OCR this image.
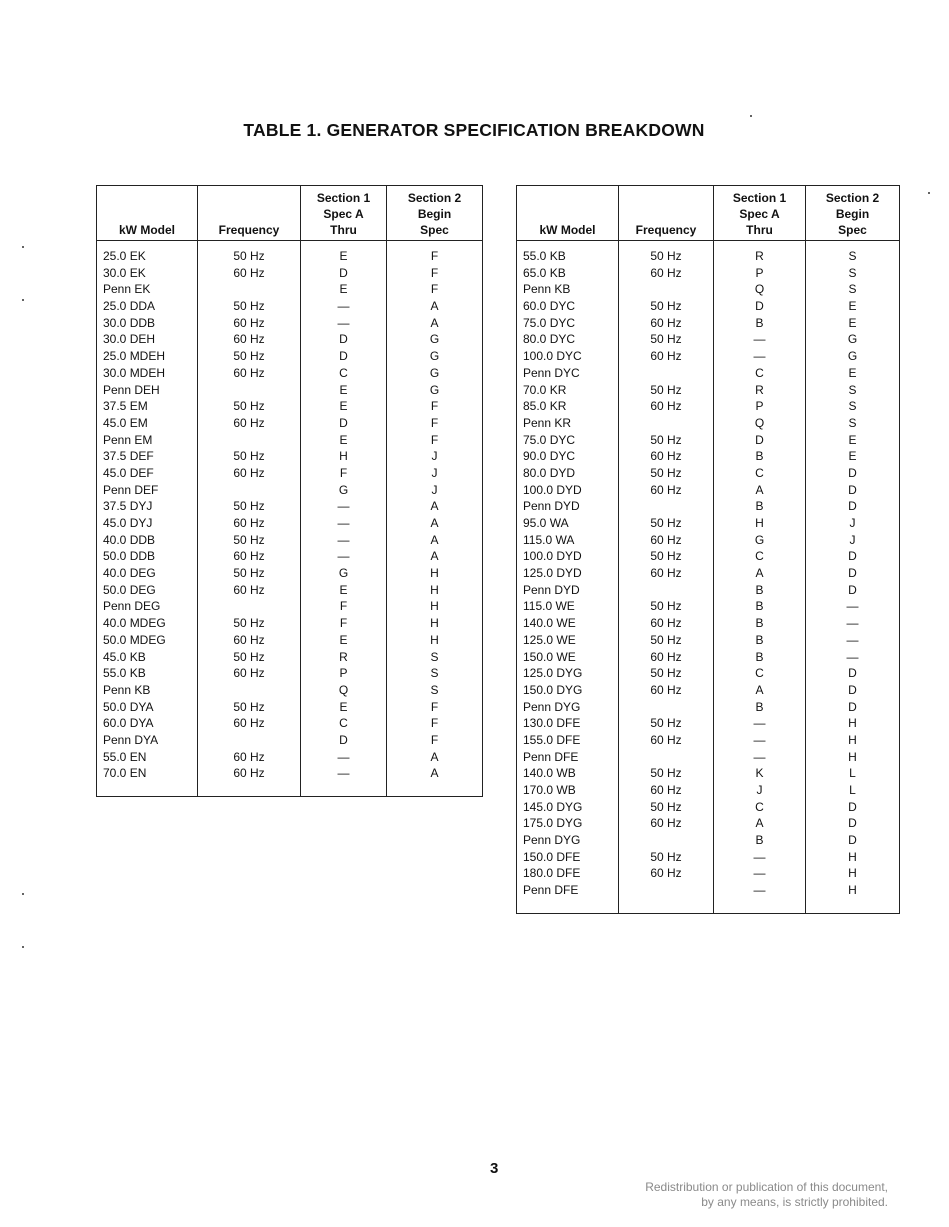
TABLE 1. GENERATOR SPECIFICATION BREAKDOWN
kW Model	Frequency	Section 1
Spec A
Thru	Section 2
Begin
Spec

25.0 EK	50 Hz	E	F
30.0 EK	60 Hz	D	F
Penn EK		E	F
25.0 DDA	50 Hz	—	A
30.0 DDB	60 Hz	—	A
30.0 DEH	60 Hz	D	G
25.0 MDEH	50 Hz	D	G
30.0 MDEH	60 Hz	C	G
Penn DEH		E	G
37.5 EM	50 Hz	E	F
45.0 EM	60 Hz	D	F
Penn EM		E	F
37.5 DEF	50 Hz	H	J
45.0 DEF	60 Hz	F	J
Penn DEF		G	J
37.5 DYJ	50 Hz	—	A
45.0 DYJ	60 Hz	—	A
40.0 DDB	50 Hz	—	A
50.0 DDB	60 Hz	—	A
40.0 DEG	50 Hz	G	H
50.0 DEG	60 Hz	E	H
Penn DEG		F	H
40.0 MDEG	50 Hz	F	H
50.0 MDEG	60 Hz	E	H
45.0 KB	50 Hz	R	S
55.0 KB	60 Hz	P	S
Penn KB		Q	S
50.0 DYA	50 Hz	E	F
60.0 DYA	60 Hz	C	F
Penn DYA		D	F
55.0 EN	60 Hz	—	A
70.0 EN	60 Hz	—	A

kW Model	Frequency	Section 1
Spec A
Thru	Section 2
Begin
Spec

55.0 KB	50 Hz	R	S
65.0 KB	60 Hz	P	S
Penn KB		Q	S
60.0 DYC	50 Hz	D	E
75.0 DYC	60 Hz	B	E
80.0 DYC	50 Hz	—	G
100.0 DYC	60 Hz	—	G
Penn DYC		C	E
70.0 KR	50 Hz	R	S
85.0 KR	60 Hz	P	S
Penn KR		Q	S
75.0 DYC	50 Hz	D	E
90.0 DYC	60 Hz	B	E
80.0 DYD	50 Hz	C	D
100.0 DYD	60 Hz	A	D
Penn DYD		B	D
95.0 WA	50 Hz	H	J
115.0 WA	60 Hz	G	J
100.0 DYD	50 Hz	C	D
125.0 DYD	60 Hz	A	D
Penn DYD		B	D
115.0 WE	50 Hz	B	—
140.0 WE	60 Hz	B	—
125.0 WE	50 Hz	B	—
150.0 WE	60 Hz	B	—
125.0 DYG	50 Hz	C	D
150.0 DYG	60 Hz	A	D
Penn DYG		B	D
130.0 DFE	50 Hz	—	H
155.0 DFE	60 Hz	—	H
Penn DFE		—	H
140.0 WB	50 Hz	K	L
170.0 WB	60 Hz	J	L
145.0 DYG	50 Hz	C	D
175.0 DYG	60 Hz	A	D
Penn DYG		B	D
150.0 DFE	50 Hz	—	H
180.0 DFE	60 Hz	—	H
Penn DFE		—	H

3
Redistribution or publication of this document,
by any means, is strictly prohibited.
